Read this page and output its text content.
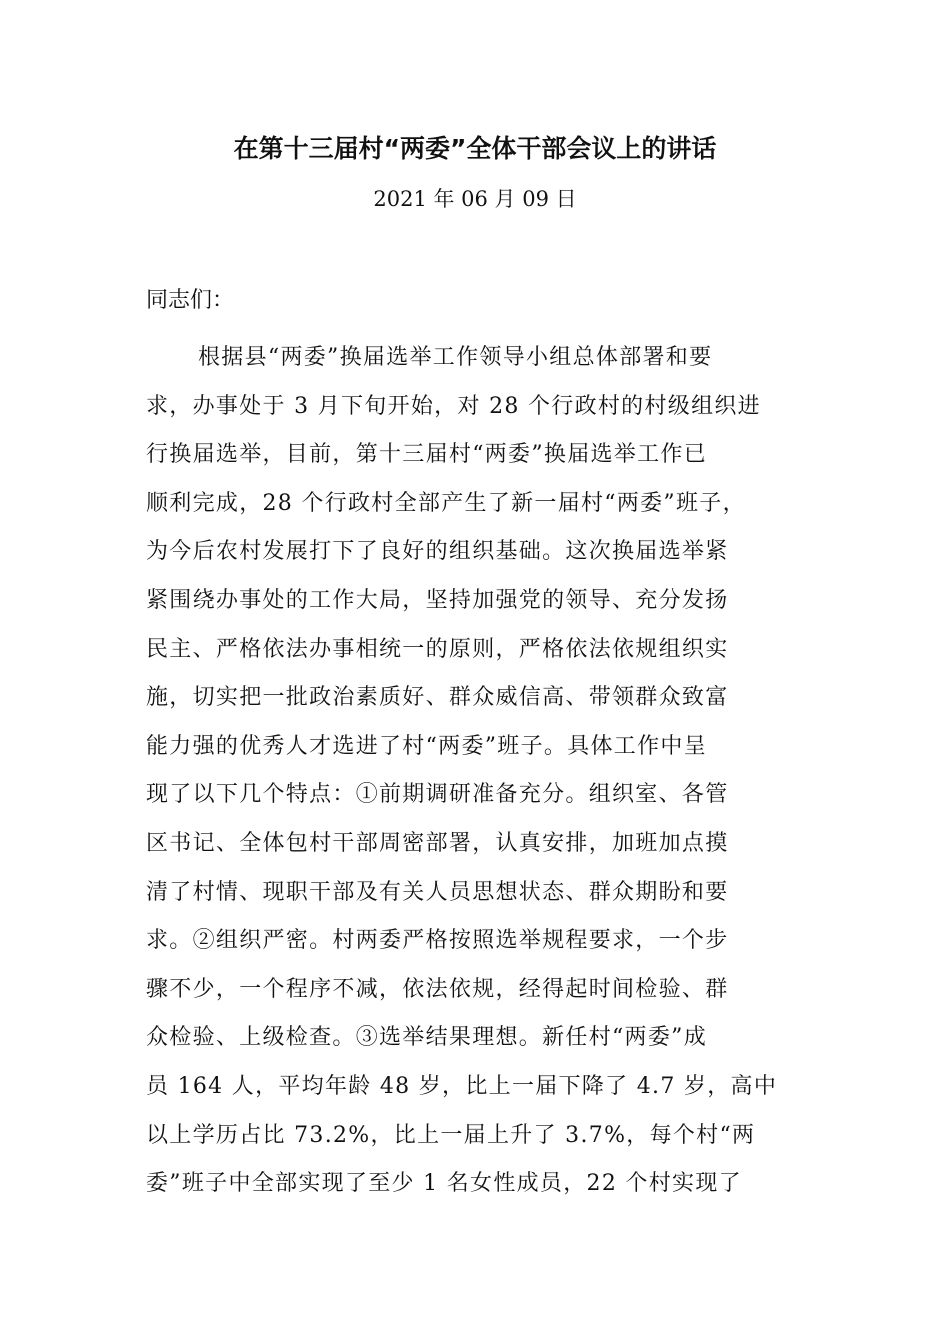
在第十三届村“两委”全体干部会议上的讲话
2021 年 06 月 09 日
同志们：
根据县“两委”换届选举工作领导小组总体部署和要
求，办事处于 3 月下旬开始，对 28 个行政村的村级组织进
行换届选举，目前，第十三届村“两委”换届选举工作已
顺利完成，28 个行政村全部产生了新一届村“两委”班子，
为今后农村发展打下了良好的组织基础。这次换届选举紧
紧围绕办事处的工作大局，坚持加强党的领导、充分发扬
民主、严格依法办事相统一的原则，严格依法依规组织实
施，切实把一批政治素质好、群众威信高、带领群众致富
能力强的优秀人才选进了村“两委”班子。具体工作中呈
现了以下几个特点：①前期调研准备充分。组织室、各管
区书记、全体包村干部周密部署，认真安排，加班加点摸
清了村情、现职干部及有关人员思想状态、群众期盼和要
求。②组织严密。村两委严格按照选举规程要求，一个步
骤不少，一个程序不减，依法依规，经得起时间检验、群
众检验、上级检查。③选举结果理想。新任村“两委”成
员 164 人，平均年龄 48 岁，比上一届下降了 4.7 岁，高中
以上学历占比 73.2%，比上一届上升了 3.7%，每个村“两
委”班子中全部实现了至少 1 名女性成员，22 个村实现了
